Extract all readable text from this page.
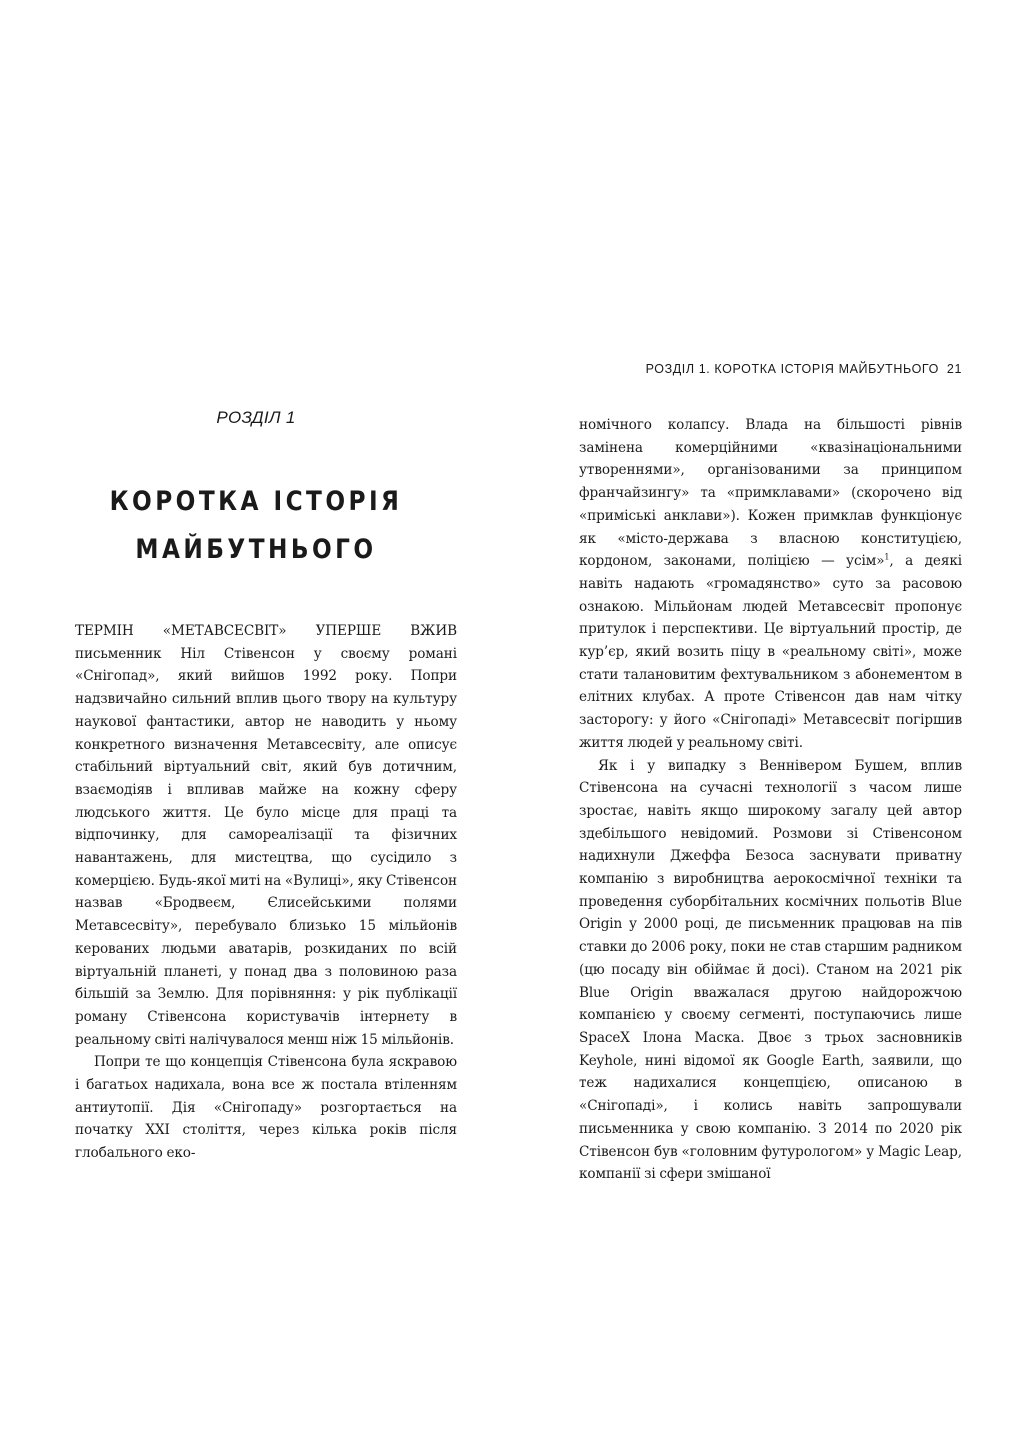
РОЗДІЛ 1
КОРОТКА ІСТОРІЯ
МАЙБУТНЬОГО

ТЕРМІН «МЕТАВСЕСВІТ» УПЕРШЕ ВЖИВ письменник Ніл Стівенсон у своєму романі «Снігопад», який вийшов 1992 року. Попри надзвичайно сильний вплив цього твору на культуру наукової фантастики, автор не наводить у ньому конкретного визначення Метавсесвіту, але описує стабільний віртуальний світ, який був дотичним, взаємодіяв і впливав майже на кожну сферу людського життя. Це було місце для праці та відпочинку, для самореалізації та фізичних навантажень, для мистецтва, що сусідило з комерцією. Будь-якої миті на «Вулиці», яку Стівенсон назвав «Бродвеєм, Єлисейськими полями Метавсесвіту», перебувало близько 15 мільйонів керованих людьми аватарів, розкиданих по всій віртуальній планеті, у понад два з половиною раза більшій за Землю. Для порівняння: у рік публікації роману Стівенсона користувачів інтернету в реальному світі налічувалося менш ніж 15 мільйонів.

Попри те що концепція Стівенсона була яскравою і багатьох надихала, вона все ж постала втіленням антиутопії. Дія «Снігопаду» розгортається на початку XXI століття, через кілька років після глобального еко-

РОЗДІЛ 1. КОРОТКА ІСТОРІЯ МАЙБУТНЬОГО 21

номічного колапсу. Влада на більшості рівнів замінена комерційними «квазінаціональними утвореннями», організованими за принципом франчайзингу» та «примклавами» (скорочено від «приміські анклави»). Кожен примклав функціонує як «місто-держава з власною конституцією, кордоном, законами, поліцією — усім»$^1$, а деякі навіть надають «громадянство» суто за расовою ознакою. Мільйонам людей Метавсесвіт пропонує притулок і перспективи. Це віртуальний простір, де кур’єр, який возить піцу в «реальному світі», може стати талановитим фехтувальником з абонементом в елітних клубах. А проте Стівенсон дав нам чітку засторогу: у його «Снігопаді» Метавсесвіт погіршив життя людей у реальному світі.

Як і у випадку з Веннівером Бушем, вплив Стівенсона на сучасні технології з часом лише зростає, навіть якщо широкому загалу цей автор здебільшого невідомий. Розмови зі Стівенсоном надихнули Джеффа Безоса заснувати приватну компанію з виробництва аерокосмічної техніки та проведення суборбітальних космічних польотів Blue Origin у 2000 році, де письменник працював на пів ставки до 2006 року, поки не став старшим радником (цю посаду він обіймає й досі). Станом на 2021 рік Blue Origin вважалася другою найдорожчою компанією у своєму сегменті, поступаючись лише SpaceX Ілона Маска. Двоє з трьох засновників Keyhole, нині відомої як Google Earth, заявили, що теж надихалися концепцією, описаною в «Снігопаді», і колись навіть запрошували письменника у свою компанію. З 2014 по 2020 рік Стівенсон був «головним футурологом» у Magic Leap, компанії зі сфери змішаної
